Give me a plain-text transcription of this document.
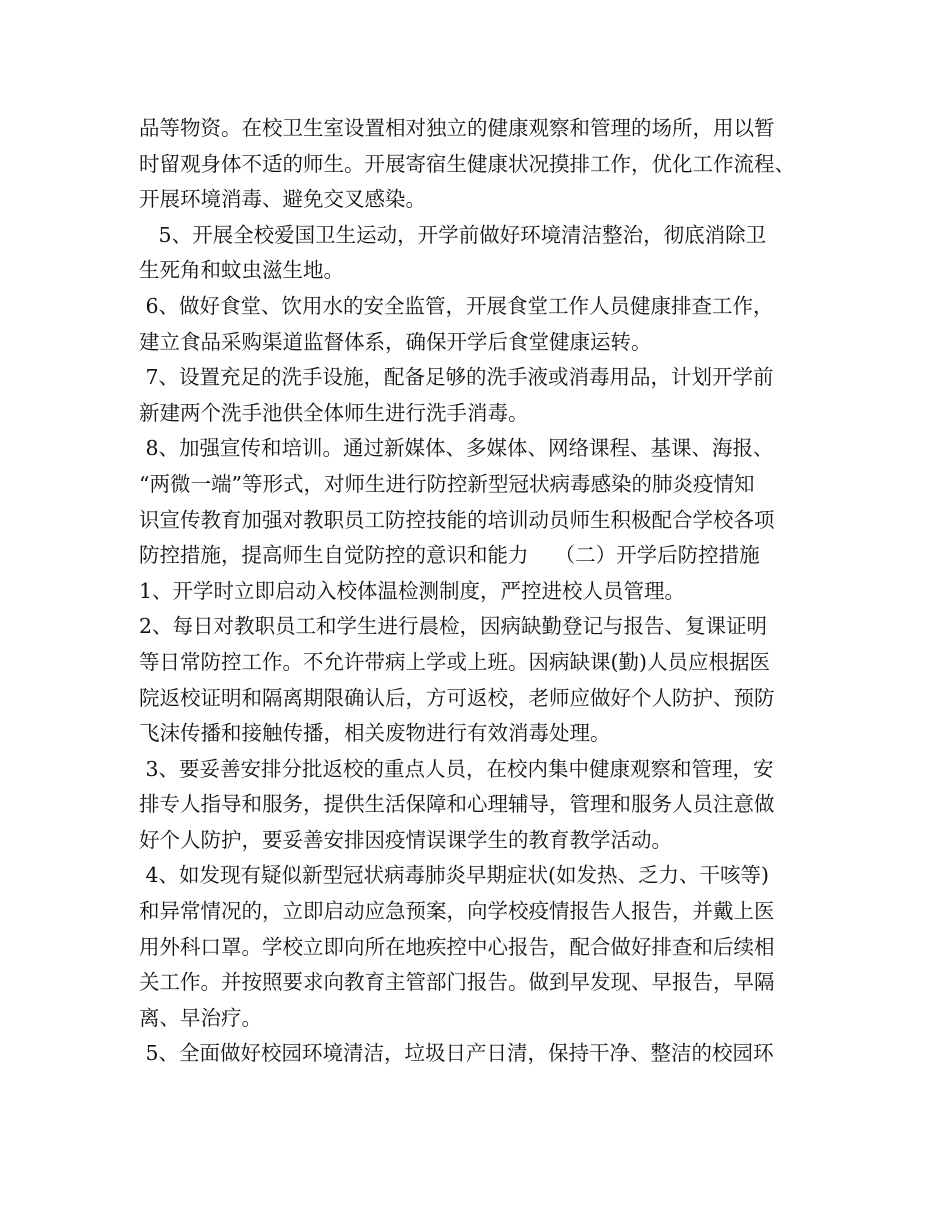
品等物资。在校卫生室设置相对独立的健康观察和管理的场所，用以暂
时留观身体不适的师生。开展寄宿生健康状况摸排工作，优化工作流程、
开展环境消毒、避免交叉感染。
5、开展全校爱国卫生运动，开学前做好环境清洁整治，彻底消除卫
生死角和蚊虫滋生地。
6、做好食堂、饮用水的安全监管，开展食堂工作人员健康排查工作，
建立食品采购渠道监督体系，确保开学后食堂健康运转。
7、设置充足的洗手设施，配备足够的洗手液或消毒用品，计划开学前
新建两个洗手池供全体师生进行洗手消毒。
8、加强宣传和培训。通过新媒体、多媒体、网络课程、基课、海报、
“两微一端”等形式，对师生进行防控新型冠状病毒感染的肺炎疫情知
识宣传教育加强对教职员工防控技能的培训动员师生积极配合学校各项
防控措施，提高师生自觉防控的意识和能力    （二）开学后防控措施
1、开学时立即启动入校体温检测制度，严控进校人员管理。
2、每日对教职员工和学生进行晨检，因病缺勤登记与报告、复课证明
等日常防控工作。不允许带病上学或上班。因病缺课(勤)人员应根据医
院返校证明和隔离期限确认后，方可返校，老师应做好个人防护、预防
飞沫传播和接触传播，相关废物进行有效消毒处理。
3、要妥善安排分批返校的重点人员，在校内集中健康观察和管理，安
排专人指导和服务，提供生活保障和心理辅导，管理和服务人员注意做
好个人防护，要妥善安排因疫情误课学生的教育教学活动。
4、如发现有疑似新型冠状病毒肺炎早期症状(如发热、乏力、干咳等)
和异常情况的，立即启动应急预案，向学校疫情报告人报告，并戴上医
用外科口罩。学校立即向所在地疾控中心报告，配合做好排查和后续相
关工作。并按照要求向教育主管部门报告。做到早发现、早报告，早隔
离、早治疗。
5、全面做好校园环境清洁，垃圾日产日清，保持干净、整洁的校园环
